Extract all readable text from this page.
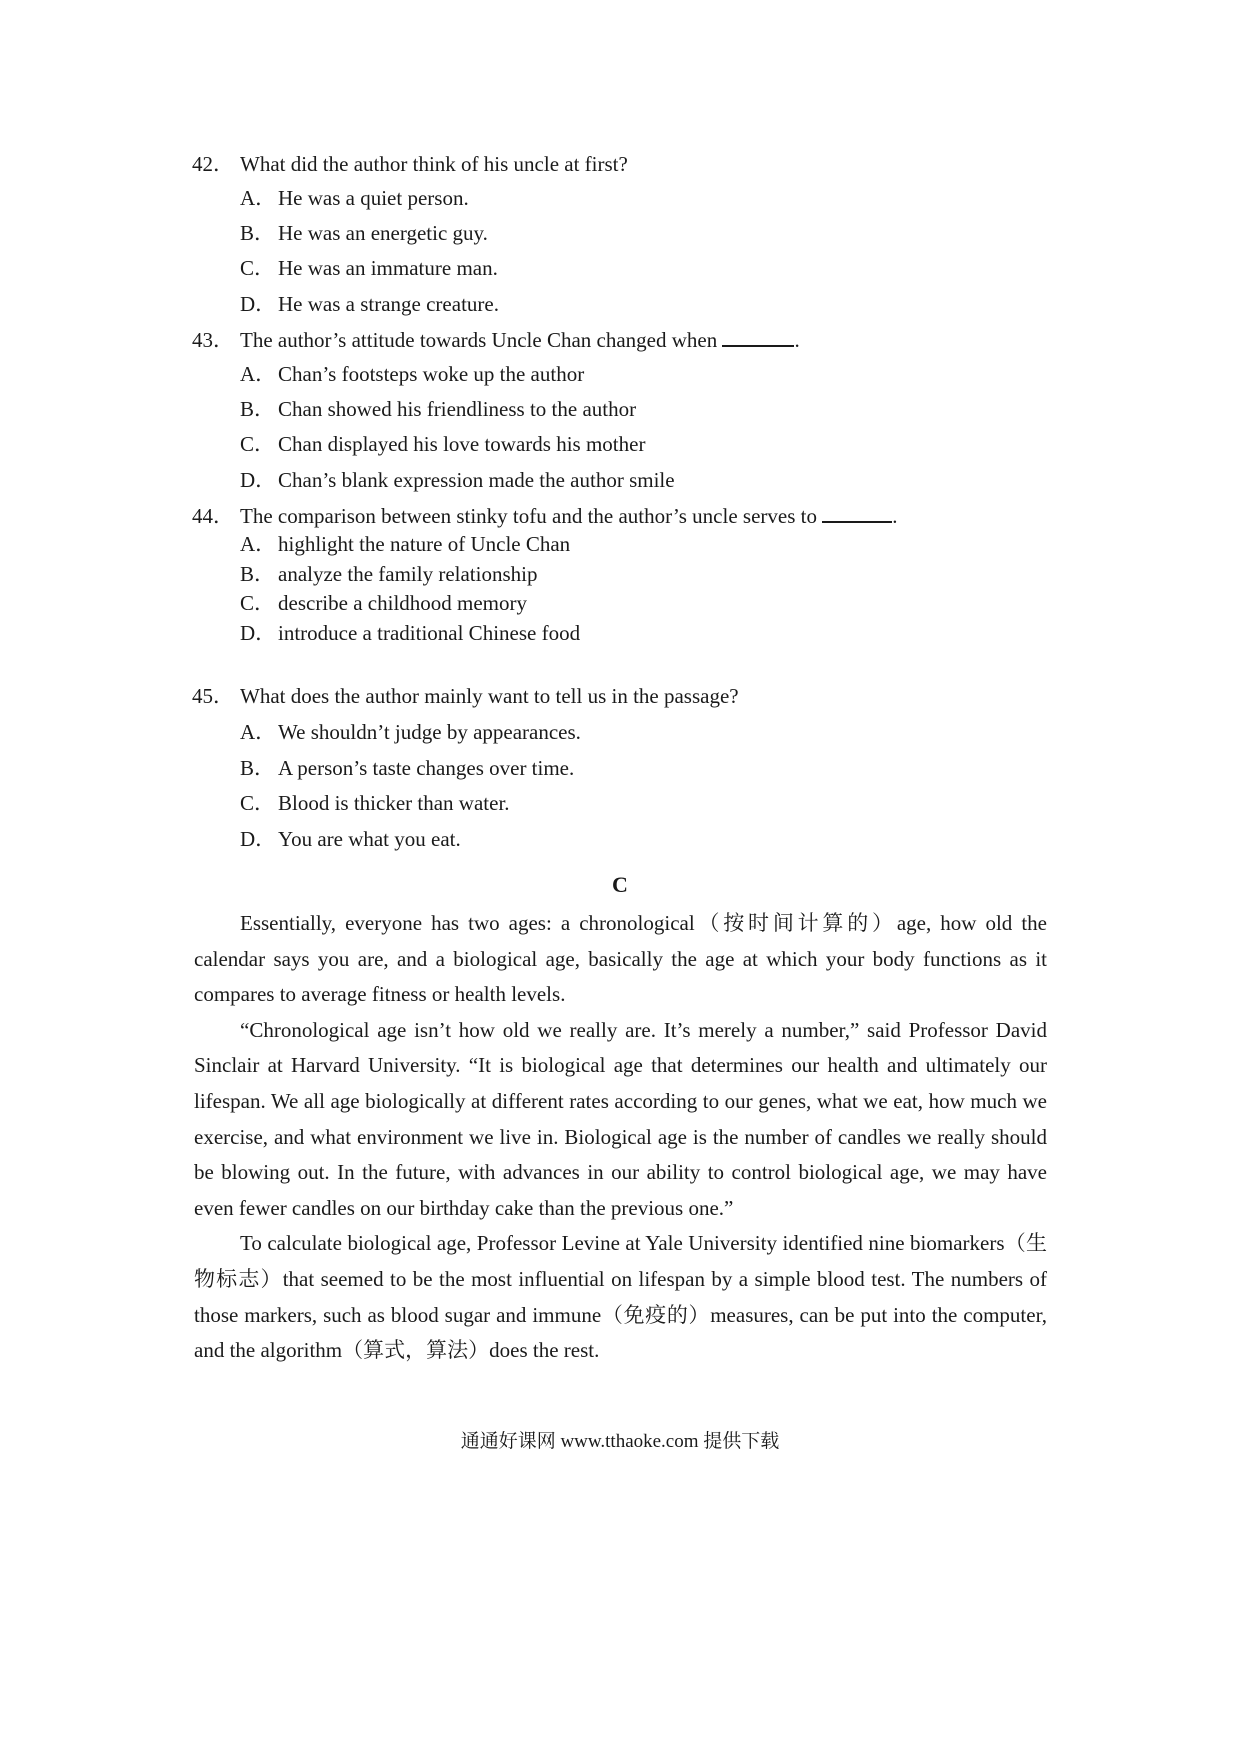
42． What did the author think of his uncle at first?
A．He was a quiet person.
B． He was an energetic guy.
C． He was an immature man.
D．He was a strange creature.
43． The author’s attitude towards Uncle Chan changed when	.
A．Chan’s footsteps woke up the author
B． Chan showed his friendliness to the author
C． Chan displayed his love towards his mother
D．Chan’s blank expression made the author smile
44． The comparison between stinky tofu and the author’s uncle serves to	.
A．highlight the nature of Uncle Chan
B． analyze the family relationship
C． describe a childhood memory
D．introduce a traditional Chinese food
45． What does the author mainly want to tell us in the passage?
A．We shouldn’t judge by appearances.
B． A person’s taste changes over time.
C． Blood is thicker than water.
D．You are what you eat.
C

Essentially, everyone has two ages: a chronological（按时间计算的）age, how old the calendar says you are, and a biological age, basically the age at which your body functions as it compares to average fitness or health levels.

“Chronological age isn’t how old we really are. It’s merely a number,” said Professor David Sinclair at Harvard University. “It is biological age that determines our health and ultimately our lifespan. We all age biologically at different rates according to our genes, what we eat, how much we exercise, and what environment we live in. Biological age is the number of candles we really should be blowing out. In the future, with advances in our ability to control biological age, we may have even fewer candles on our birthday cake than the previous one.”

To calculate biological age, Professor Levine at Yale University identified nine biomarkers（生物标志）that seemed to be the most influential on lifespan by a simple blood test. The numbers of those markers, such as blood sugar and immune（免疫的）measures, can be put into the computer, and the algorithm（算式，算法）does the rest.

通通好课网 www.tthaoke.com 提供下载
